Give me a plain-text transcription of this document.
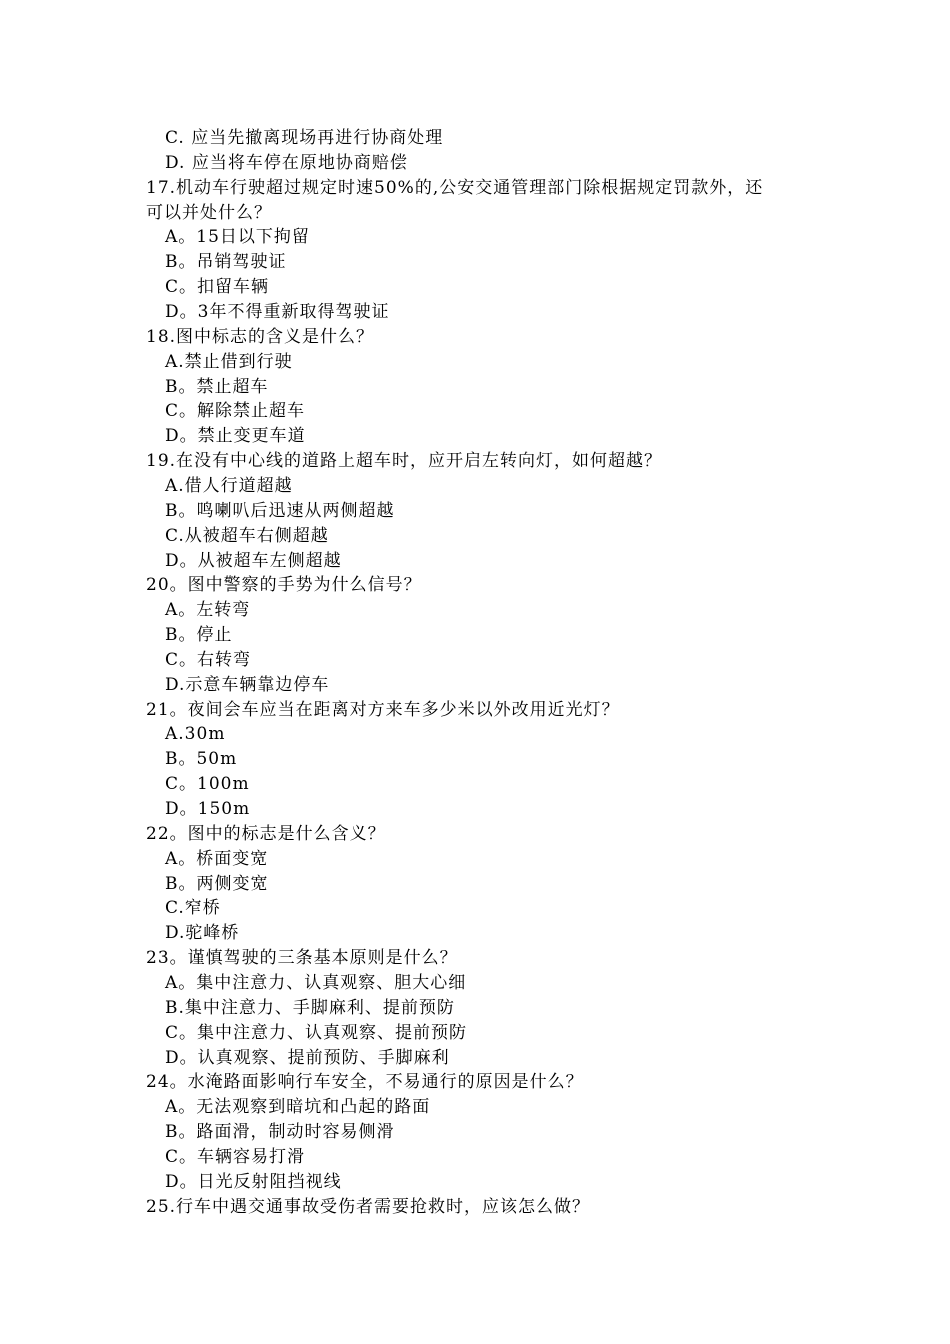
C. 应当先撤离现场再进行协商处理
D. 应当将车停在原地协商赔偿
17.机动车行驶超过规定时速50%的,公安交通管理部门除根据规定罚款外，还
可以并处什么？
A。15日以下拘留
B。吊销驾驶证
C。扣留车辆
D。3年不得重新取得驾驶证
18.图中标志的含义是什么？
A.禁止借到行驶
B。禁止超车
C。解除禁止超车
D。禁止变更车道
19.在没有中心线的道路上超车时，应开启左转向灯，如何超越？
A.借人行道超越
B。鸣喇叭后迅速从两侧超越
C.从被超车右侧超越
D。从被超车左侧超越
20。图中警察的手势为什么信号？
A。左转弯
B。停止
C。右转弯
D.示意车辆靠边停车
21。夜间会车应当在距离对方来车多少米以外改用近光灯？
A.30m
B。50m
C。100m
D。150m
22。图中的标志是什么含义？
A。桥面变宽
B。两侧变宽
C.窄桥
D.驼峰桥
23。谨慎驾驶的三条基本原则是什么？
A。集中注意力、认真观察、胆大心细
B.集中注意力、手脚麻利、提前预防
C。集中注意力、认真观察、提前预防
D。认真观察、提前预防、手脚麻利
24。水淹路面影响行车安全，不易通行的原因是什么？
A。无法观察到暗坑和凸起的路面
B。路面滑，制动时容易侧滑
C。车辆容易打滑
D。日光反射阻挡视线
25.行车中遇交通事故受伤者需要抢救时，应该怎么做？
